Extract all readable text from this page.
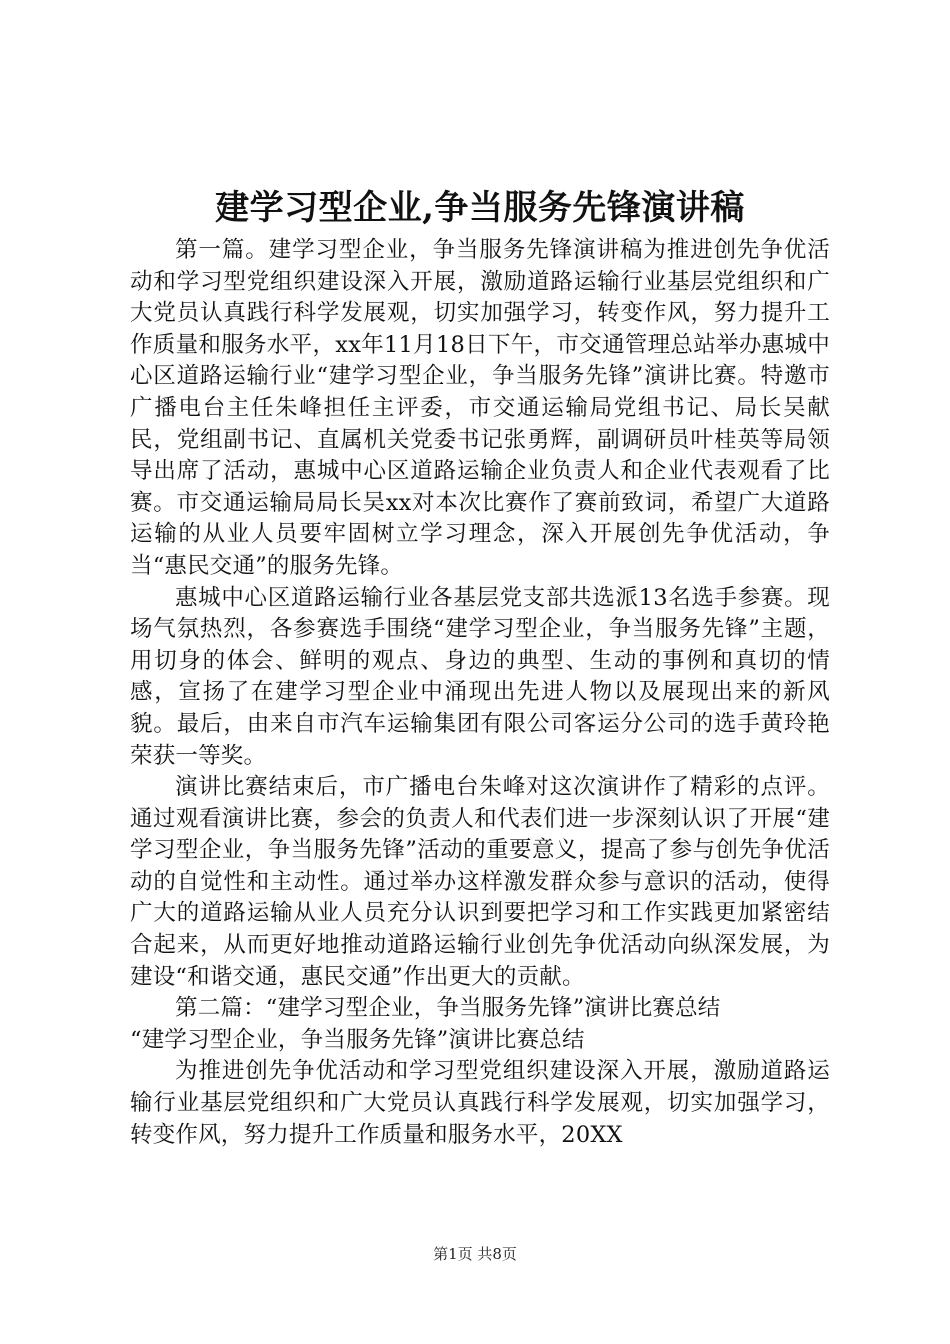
建学习型企业,争当服务先锋演讲稿

第一篇。建学习型企业，争当服务先锋演讲稿为推进创先争优活动和学习型党组织建设深入开展，激励道路运输行业基层党组织和广大党员认真践行科学发展观，切实加强学习，转变作风，努力提升工作质量和服务水平，xx年11月18日下午，市交通管理总站举办惠城中心区道路运输行业“建学习型企业，争当服务先锋”演讲比赛。特邀市广播电台主任朱峰担任主评委，市交通运输局党组书记、局长吴献民，党组副书记、直属机关党委书记张勇辉，副调研员叶桂英等局领导出席了活动，惠城中心区道路运输企业负责人和企业代表观看了比赛。市交通运输局局长吴xx对本次比赛作了赛前致词，希望广大道路运输的从业人员要牢固树立学习理念，深入开展创先争优活动，争当“惠民交通”的服务先锋。

惠城中心区道路运输行业各基层党支部共选派13名选手参赛。现场气氛热烈，各参赛选手围绕“建学习型企业，争当服务先锋”主题，用切身的体会、鲜明的观点、身边的典型、生动的事例和真切的情感，宣扬了在建学习型企业中涌现出先进人物以及展现出来的新风貌。最后，由来自市汽车运输集团有限公司客运分公司的选手黄玲艳荣获一等奖。

演讲比赛结束后，市广播电台朱峰对这次演讲作了精彩的点评。通过观看演讲比赛，参会的负责人和代表们进一步深刻认识了开展“建学习型企业，争当服务先锋”活动的重要意义，提高了参与创先争优活动的自觉性和主动性。通过举办这样激发群众参与意识的活动，使得广大的道路运输从业人员充分认识到要把学习和工作实践更加紧密结合起来，从而更好地推动道路运输行业创先争优活动向纵深发展，为建设“和谐交通，惠民交通”作出更大的贡献。

第二篇：“建学习型企业，争当服务先锋”演讲比赛总结

“建学习型企业，争当服务先锋”演讲比赛总结

为推进创先争优活动和学习型党组织建设深入开展，激励道路运输行业基层党组织和广大党员认真践行科学发展观，切实加强学习，转变作风，努力提升工作质量和服务水平，20XX

第1页 共8页
